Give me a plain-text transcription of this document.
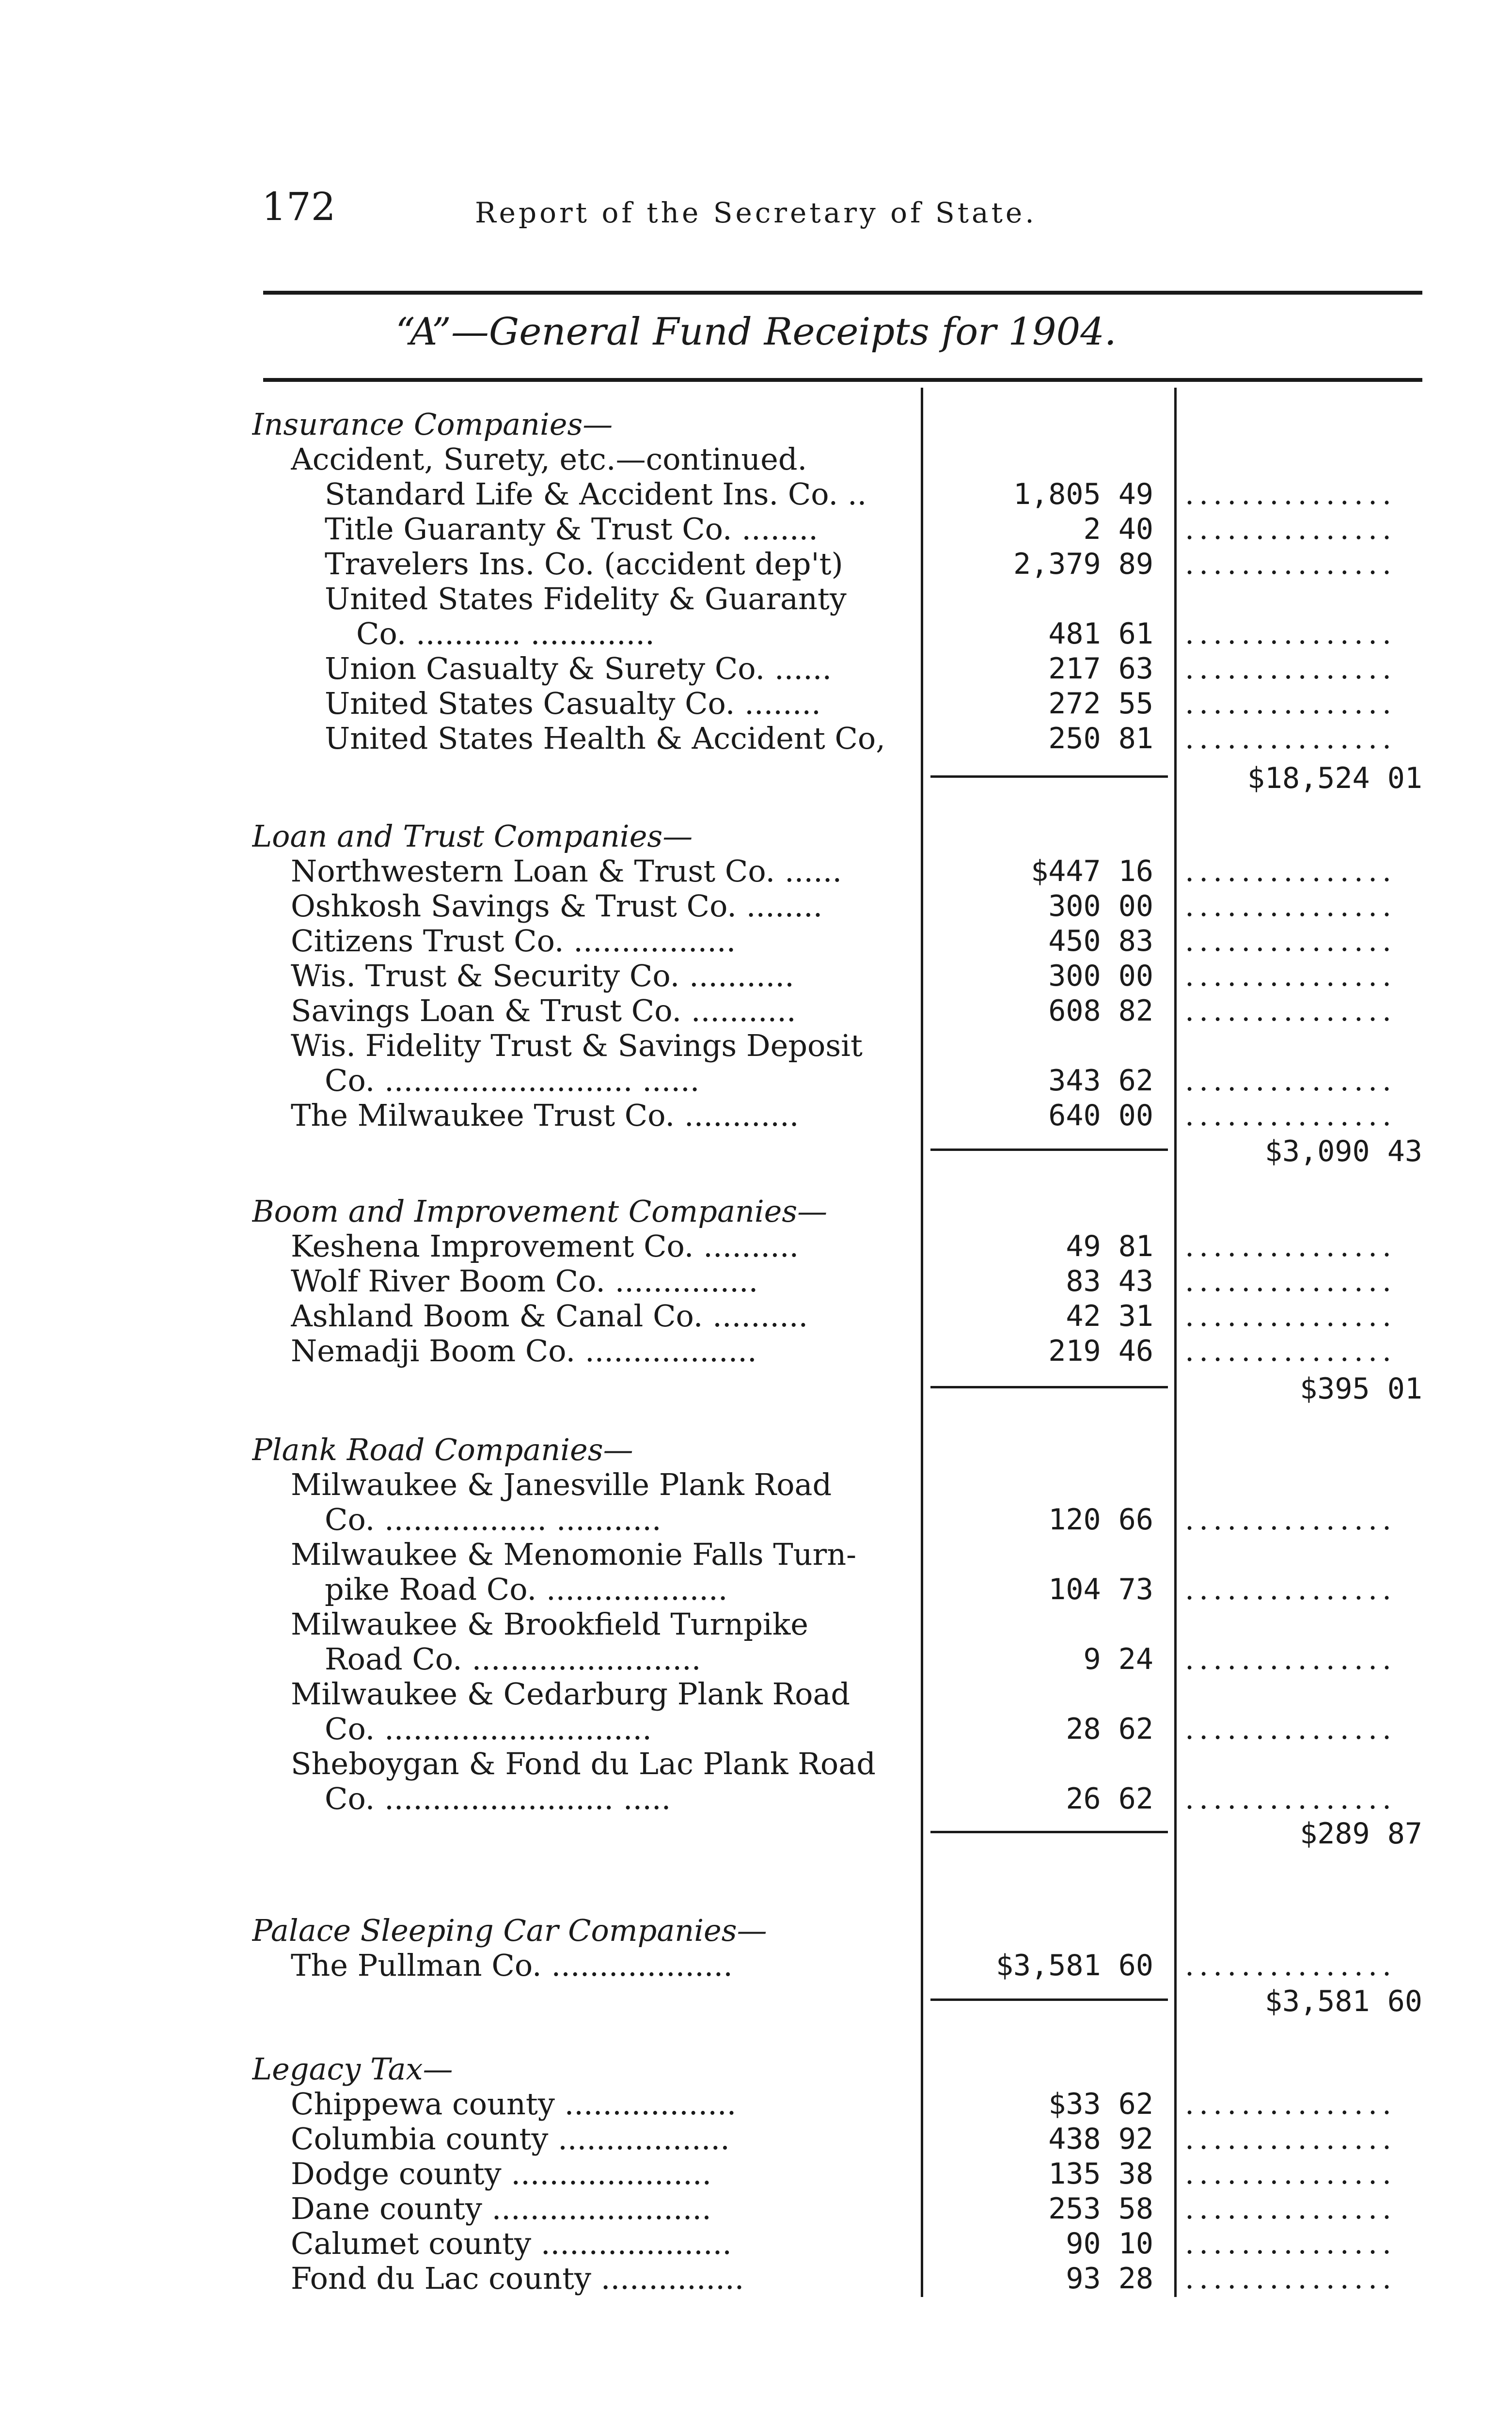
172	Report of the Secretary of State.
“A”—General Fund Receipts for 1904.
Insurance Companies—
Accident, Surety, etc.—continued.
Standard Life & Accident Ins. Co. ..	1,805 49 ...............
Title Guaranty & Trust Co. ........	2 40 ...............
Travelers Ins. Co. (accident dep't)	2,379 89 ...............
United States Fidelity & Guaranty
Co. ........... .............	481 61 ...............
Union Casualty & Surety Co. ......	217 63 ...............
United States Casualty Co. ........	272 55 ...............
United States Health & Accident Co,	250 81 ...............
$18,524 01
Loan and Trust Companies—
Northwestern Loan & Trust Co. ......	$447 16 ...............
Oshkosh Savings & Trust Co. ........	300 00 ...............
Citizens Trust Co. .................	450 83 ...............
Wis. Trust & Security Co. ...........	300 00 ...............
Savings Loan & Trust Co. ...........	608 82 ...............
Wis. Fidelity Trust & Savings Deposit
Co. .......................... ......	343 62 ...............
The Milwaukee Trust Co. ............	640 00 ...............
$3,090 43
Boom and Improvement Companies—
Keshena Improvement Co. ..........	49 81 ...............
Wolf River Boom Co. ...............	83 43 ...............
Ashland Boom & Canal Co. ..........	42 31 ...............
Nemadji Boom Co. ..................	219 46 ...............
$395 01
Plank Road Companies—
Milwaukee & Janesville Plank Road
Co. ................. ...........	120 66 ...............
Milwaukee & Menomonie Falls Turn-
pike Road Co. ...................	104 73 ...............
Milwaukee & Brookfield Turnpike
Road Co. ........................	9 24 ...............
Milwaukee & Cedarburg Plank Road
Co. ............................	28 62 ...............
Sheboygan & Fond du Lac Plank Road
Co. ........................ .....	26 62 ...............
$289 87
Palace Sleeping Car Companies—
The Pullman Co. ...................	$3,581 60 ...............
$3,581 60
Legacy Tax—
Chippewa county ..................	$33 62 ...............
Columbia county ..................	438 92 ...............
Dodge county .....................	135 38 ...............
Dane county .......................	253 58 ...............
Calumet county ....................	90 10 ...............
Fond du Lac county ...............	93 28 ...............
